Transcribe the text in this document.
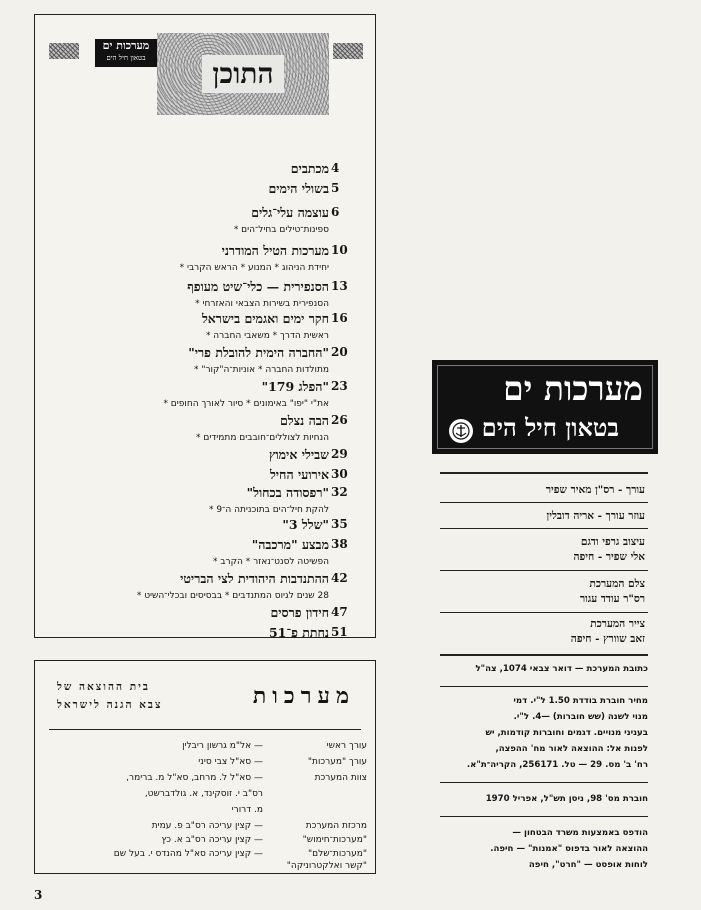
מערכות ים
בטאון חיל הים	התוכן
4
מכתבים
5
בשולי הימים
6
עוצמה עלי־גלים
ספינות־טילים בחיל־הים *
10
מערכות הטיל המודרני
יחידת הניהוג * המנוע * הראש הקרבי *
13
הסנפירית — כלי־שיט מעופף
הסנפירית בשירות הצבאי והאזרחי *
16
חקר ימים ואגמים בישראל
ראשית הדרך * משאבי החברה *
20
"החברה הימית להובלת פרי"
מתולדות החברה * אוניות־ה"קור" *
23
"הפלג 179"
את"י "יפו" באימונים * סיור לאורך החופים *
26
הבה נצלם
הנחיות לצוללים־חובבים מתמידים *
29
שבילי אימוץ
30
אירועי החיל
32
"רפסודה בכחול"
להקת חיל־הים בתוכניתה ה־9 *
35
"שלל 3"
38
מבצע "מרכבה"
הפשיטה לסנט־נאזר * הקרב *
42
ההתנדבות היהודית לצי הבריטי
28 שנים לגיוס המתנדבים * בבסיסים ובכלי־השיט *
47
חידון פרסים
51
נחתת פ־51
מערכות
בית ההוצאה של
צבא הגנה לישראל
עורך ראשי
— אל"מ גרשון ריבלין
עורך "מערכות"
— סא"ל צבי סיני
צוות המערכת
— סא"ל ל. מרחב, סא"ל מ. ברימר,
רס"ב י. זוסקינד, א. גולדברשט,
מ. דרורי
מרכזת המערכת
— קצין עריכה רס"ב פ. עמית
"מערכות־חימוש"
— קצין עריכה רס"ב א. כץ
"מערכות־שלם"
— קצין עריכה סא"ל מהנדס י. בעל שם
"קשר ואלקטרוניקה"
מערכות ים
בטאון חיל הים
עורך - רס"ן מאיר שפיר
עוזר עורך - אריה דובלין
עיצוב גרפי ודגם
אלי שפיר - חיפה
צלם המערכת
רס"ר עודד עגור
צייר המערכת
זאב שוורץ - חיפה
כתובת המערכת — דואר צבאי 1074, צה"ל
מחיר חוברת בודדת 1.50 ל"י. דמי
מנוי לשנה (שש חוברות) —4. ל"י.
בעניני מנויים. דגמים וחוברות קודמות, יש
לפנות אל: ההוצאה לאור מח' ההפצה,
רח' ב' מס. 29 — טל. 256171, הקריה־ת"א.
חוברת מס' 98, ניסן תש"ל, אפריל 1970
הודפס באמצעות משרד הבטחון —
ההוצאה לאור בדפוס "אמנות" — חיפה.
לוחות אופסט — "חרט", חיפה
3
